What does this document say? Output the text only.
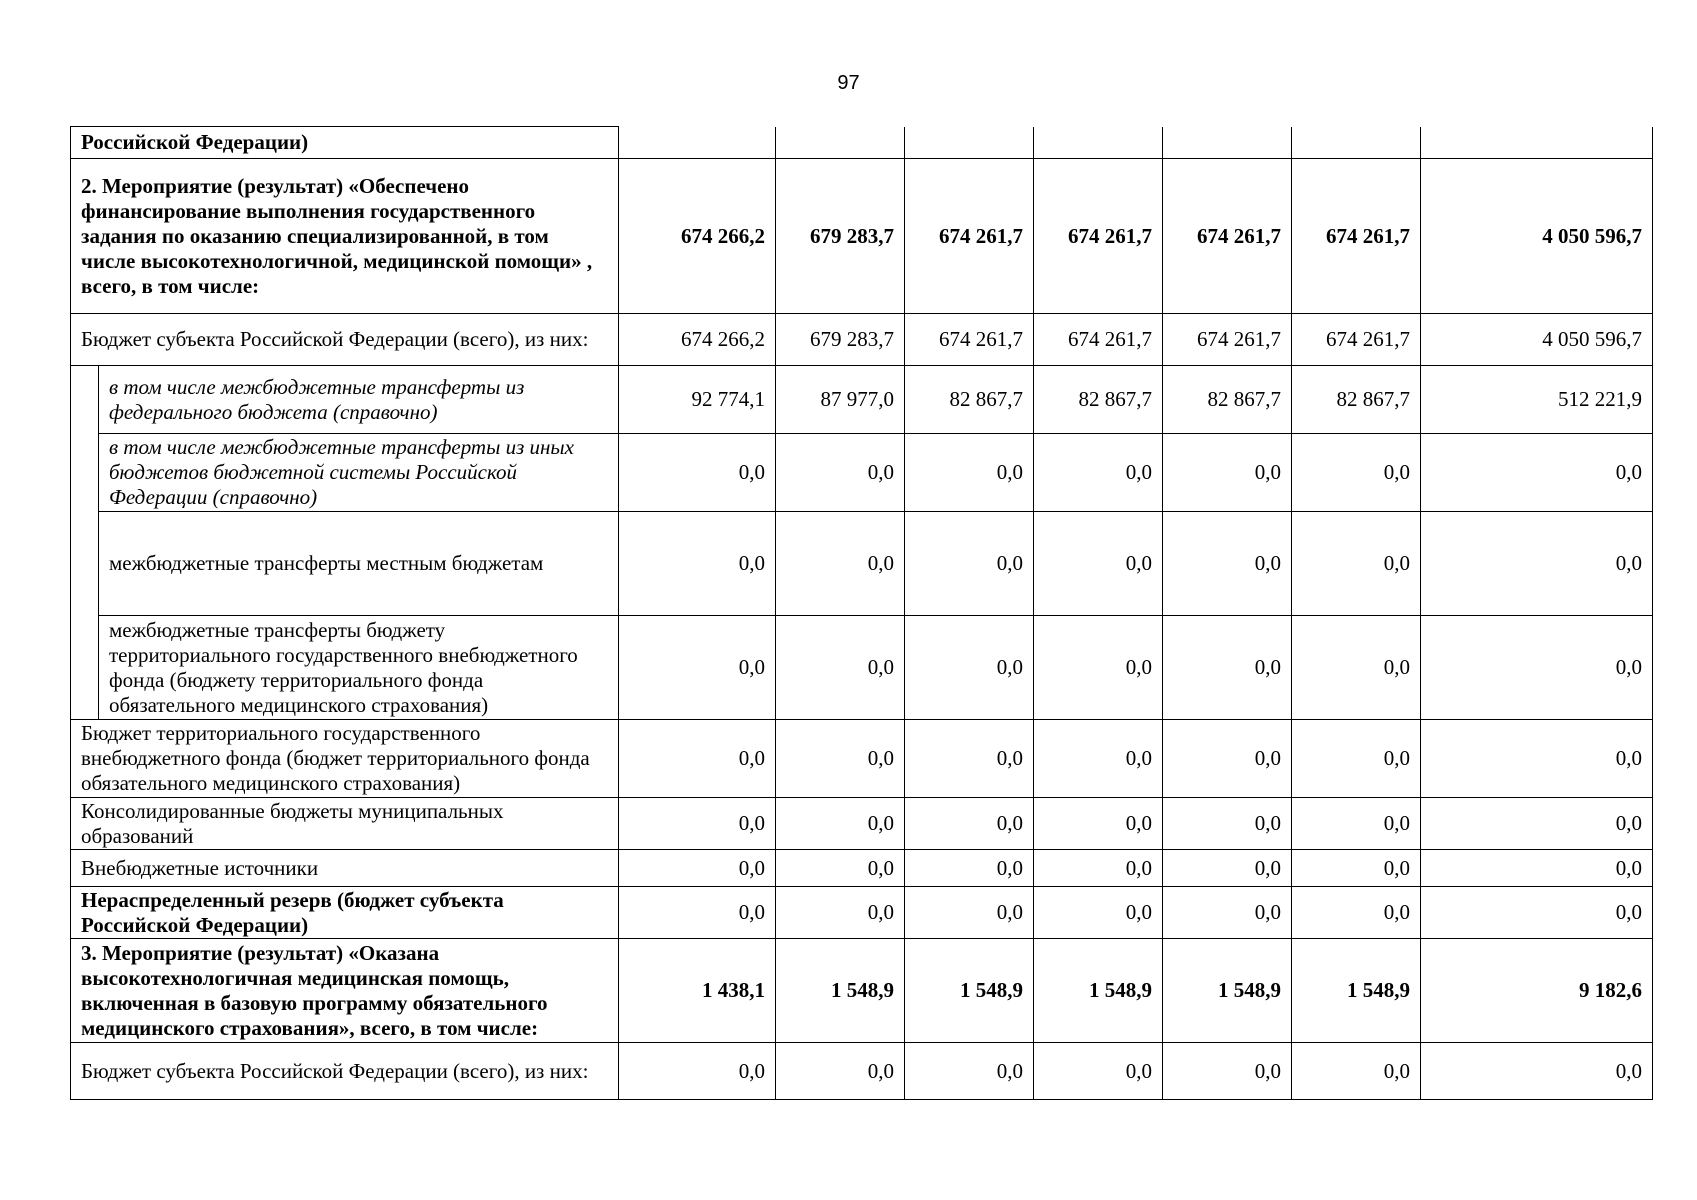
97
Российской Федерации)								
2. Мероприятие (результат) «Обеспечено финансирование выполнения государственного задания по оказанию специализированной, в том числе высокотехнологичной, медицинской помощи» , всего, в том числе:		674 266,2	679 283,7	674 261,7	674 261,7	674 261,7	674 261,7	4 050 596,7
Бюджет субъекта Российской Федерации (всего), из них:		674 266,2	679 283,7	674 261,7	674 261,7	674 261,7	674 261,7	4 050 596,7
	в том числе межбюджетные трансферты из федерального бюджета (справочно)	92 774,1	87 977,0	82 867,7	82 867,7	82 867,7	82 867,7	512 221,9
	в том числе межбюджетные трансферты из иных бюджетов бюджетной системы Российской Федерации (справочно)	0,0	0,0	0,0	0,0	0,0	0,0	0,0
	межбюджетные трансферты местным бюджетам	0,0	0,0	0,0	0,0	0,0	0,0	0,0
	межбюджетные трансферты бюджету территориального государственного внебюджетного фонда (бюджету территориального фонда обязательного медицинского страхования)	0,0	0,0	0,0	0,0	0,0	0,0	0,0
Бюджет территориального государственного внебюджетного фонда (бюджет территориального фонда обязательного медицинского страхования)		0,0	0,0	0,0	0,0	0,0	0,0	0,0
Консолидированные бюджеты муниципальных образований		0,0	0,0	0,0	0,0	0,0	0,0	0,0
Внебюджетные источники		0,0	0,0	0,0	0,0	0,0	0,0	0,0
Нераспределенный резерв (бюджет субъекта Российской Федерации)		0,0	0,0	0,0	0,0	0,0	0,0	0,0
3. Мероприятие (результат) «Оказана высокотехнологичная медицинская помощь, включенная в базовую программу обязательного медицинского страхования», всего, в том числе:		1 438,1	1 548,9	1 548,9	1 548,9	1 548,9	1 548,9	9 182,6
Бюджет субъекта Российской Федерации (всего), из них:		0,0	0,0	0,0	0,0	0,0	0,0	0,0
